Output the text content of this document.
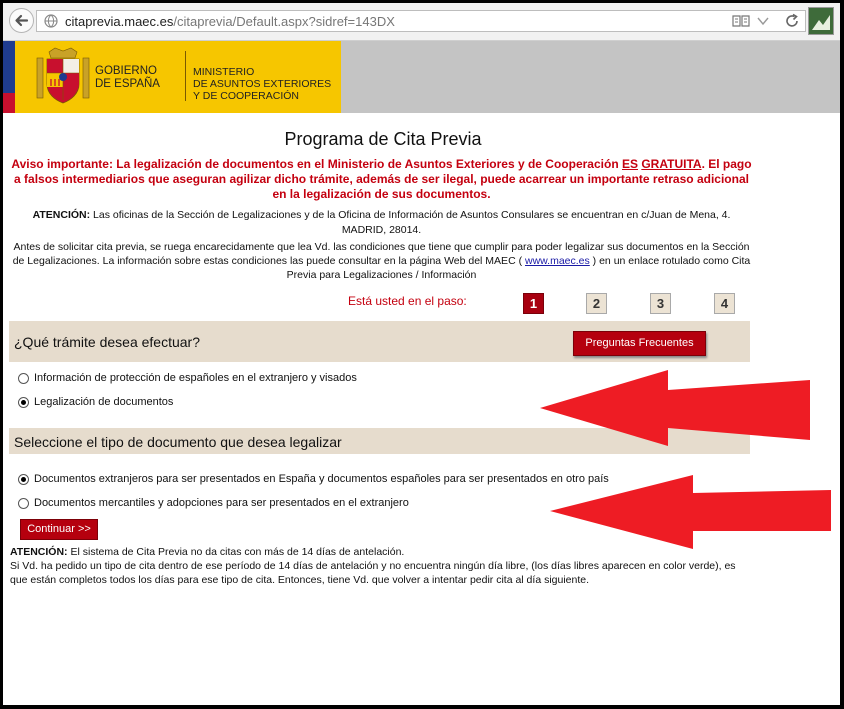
citaprevia.maec.es/citaprevia/Default.aspx?sidref=143DX
GOBIERNO
DE ESPAÑA
MINISTERIO
DE ASUNTOS EXTERIORES
Y DE COOPERACIÓN
Programa de Cita Previa
Aviso importante: La legalización de documentos en el Ministerio de Asuntos Exteriores y de Cooperación ES GRATUITA. El pago a falsos intermediarios que aseguran agilizar dicho trámite, además de ser ilegal, puede acarrear un importante retraso adicional en la legalización de sus documentos.
ATENCIÓN: Las oficinas de la Sección de Legalizaciones y de la Oficina de Información de Asuntos Consulares se encuentran en c/Juan de Mena, 4. MADRID, 28014.
Antes de solicitar cita previa, se ruega encarecidamente que lea Vd. las condiciones que tiene que cumplir para poder legalizar sus documentos en la Sección de Legalizaciones. La información sobre estas condiciones las puede consultar en la página Web del MAEC ( www.maec.es ) en un enlace rotulado como Cita Previa para Legalizaciones / Información
Está usted en el paso:	1	2	3	4
¿Qué trámite desea efectuar?	Preguntas Frecuentes
Información de protección de españoles en el extranjero y visados
Legalización de documentos
Seleccione el tipo de documento que desea legalizar
Documentos extranjeros para ser presentados en España y documentos españoles para ser presentados en otro país
Documentos mercantiles y adopciones para ser presentados en el extranjero
Continuar >>
ATENCIÓN: El sistema de Cita Previa no da citas con más de 14 días de antelación.
Si Vd. ha pedido un tipo de cita dentro de ese período de 14 días de antelación y no encuentra ningún día libre, (los días libres aparecen en color verde), es que están completos todos los días para ese tipo de cita. Entonces, tiene Vd. que volver a intentar pedir cita al día siguiente.
